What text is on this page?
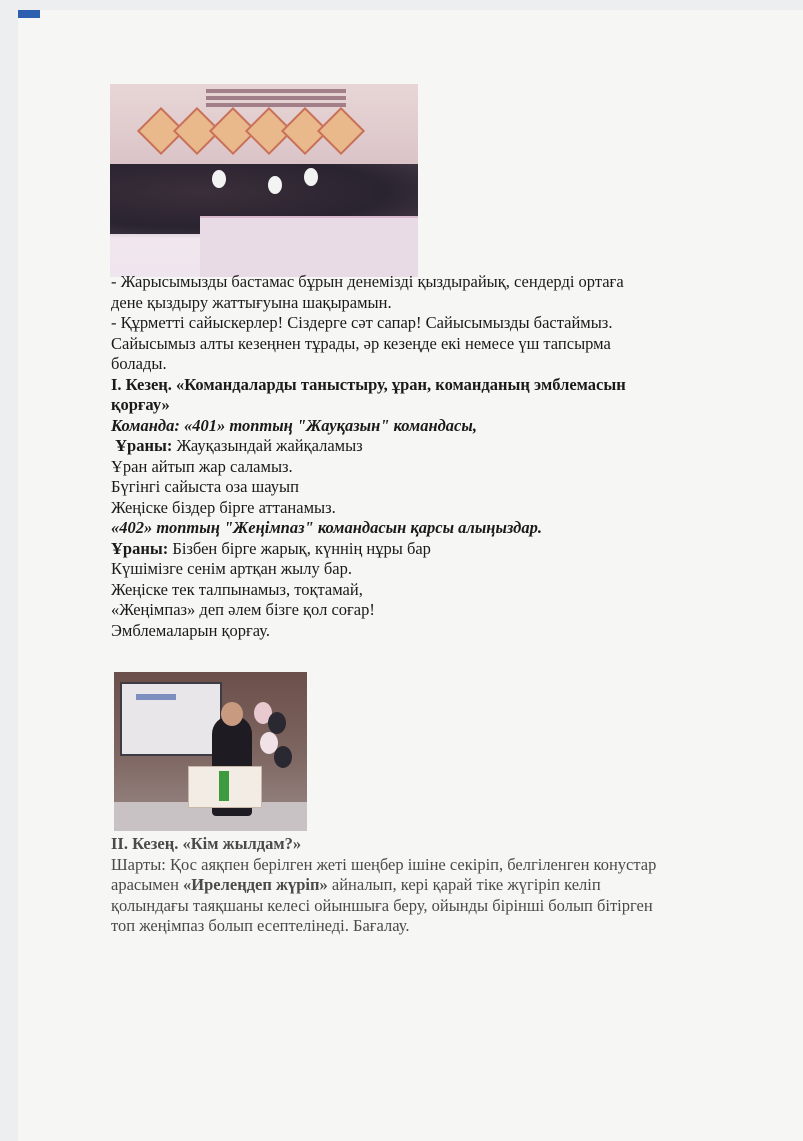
- Жарысымызды бастамас бұрын денемізді қыздырайық, сендерді ортаға
дене қыздыру жаттығуына шақырамын.
- Құрметті сайыскерлер! Сіздерге сәт сапар! Сайысымызды бастаймыз.
Сайысымыз алты кезеңнен тұрады, әр кезеңде екі немесе үш тапсырма
болады.
І. Кезең. «Командаларды таныстыру, ұран, команданың эмблемасын
қорғау»
Команда: «401» топтың "Жауқазын" командасы,
Ұраны: Жауқазындай жайқаламыз
Ұран айтып жар саламыз.
Бүгінгі сайыста оза шауып
Жеңіске біздер бірге аттанамыз.
«402» топтың "Жеңімпаз" командасын қарсы алыңыздар.
Ұраны: Бізбен бірге жарық, күннің нұры бар
Күшімізге сенім артқан жылу бар.
Жеңіске тек талпынамыз, тоқтамай,
«Жеңімпаз» деп әлем бізге қол соғар!
Эмблемаларын қорғау.
ІІ. Кезең. «Кім жылдам?»
Шарты: Қос аяқпен берілген жеті шеңбер ішіне секіріп, белгіленген конустар
арасымен «Ирелеңдеп жүріп» айналып, кері қарай тіке жүгіріп келіп
қолындағы таяқшаны келесі ойыншыға беру, ойынды бірінші болып бітірген
топ жеңімпаз болып есептелінеді. Бағалау.
